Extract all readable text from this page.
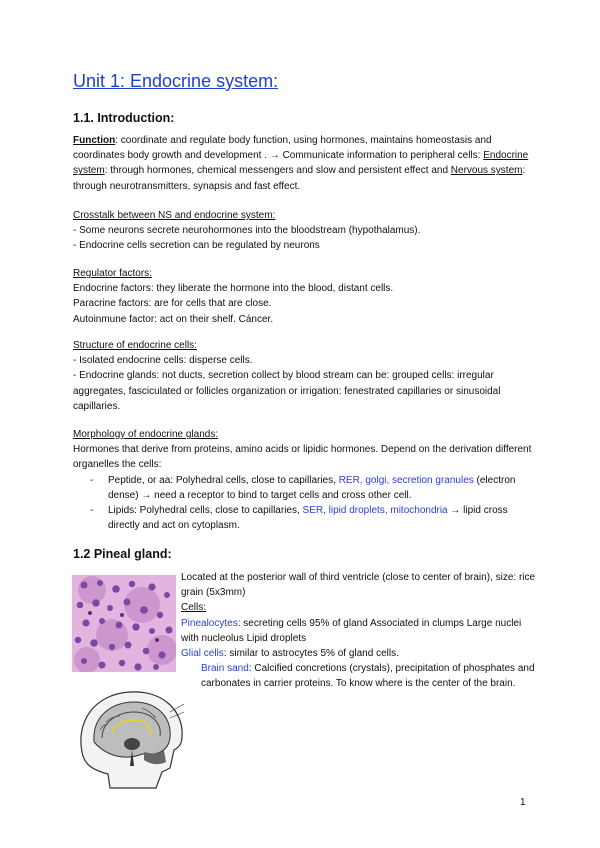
Unit 1: Endocrine system:
1.1. Introduction:
Function: coordinate and regulate body function, using hormones, maintains homeostasis and coordinates body growth and development . → Communicate information to peripheral cells: Endocrine system: through hormones, chemical messengers and slow and persistent effect and Nervous system: through neurotransmitters, synapsis and fast effect.

Crosstalk between NS and endocrine system:

- Some neurons secrete neurohormones into the bloodstream (hypothalamus).

- Endocrine cells secretion can be regulated by neurons

Regulator factors:

Endocrine factors: they liberate the hormone into the blood, distant cells.

Paracrine factors: are for cells that are close.

Autoinmune factor: act on their shelf. Cáncer.

Structure of endocrine cells:

- Isolated endocrine cells: disperse cells.

- Endocrine glands: not ducts, secretion collect by blood stream can be: grouped cells: irregular aggregates, fasciculated or follicles organization or irrigation: fenestrated capillaries or sinusoidal capillaries.

Morphology of endocrine glands:

Hormones that derive from proteins, amino acids or lipidic hormones. Depend on the derivation different organelles the cells:

- Peptide, or aa: Polyhedral cells, close to capillaries, RER, golgi, secretion granules (electron dense) → need a receptor to bind to target cells and cross other cell.
- Lipids: Polyhedral cells, close to capillaries, SER, lipid droplets, mitochondria → lipid cross directly and act on cytoplasm.
1.2 Pineal gland:

Located at the posterior wall of third ventricle (close to center of brain), size: rice grain (5x3mm)

Cells:

Pinealocytes: secreting cells 95% of gland Associated in clumps Large nuclei with nucleolus Lipid droplets

Glial cells: similar to astrocytes 5% of gland cells.

Brain sand: Calcified concretions (crystals), precipitation of phosphates and carbonates in carrier proteins. To know where is the center of the brain.

1
